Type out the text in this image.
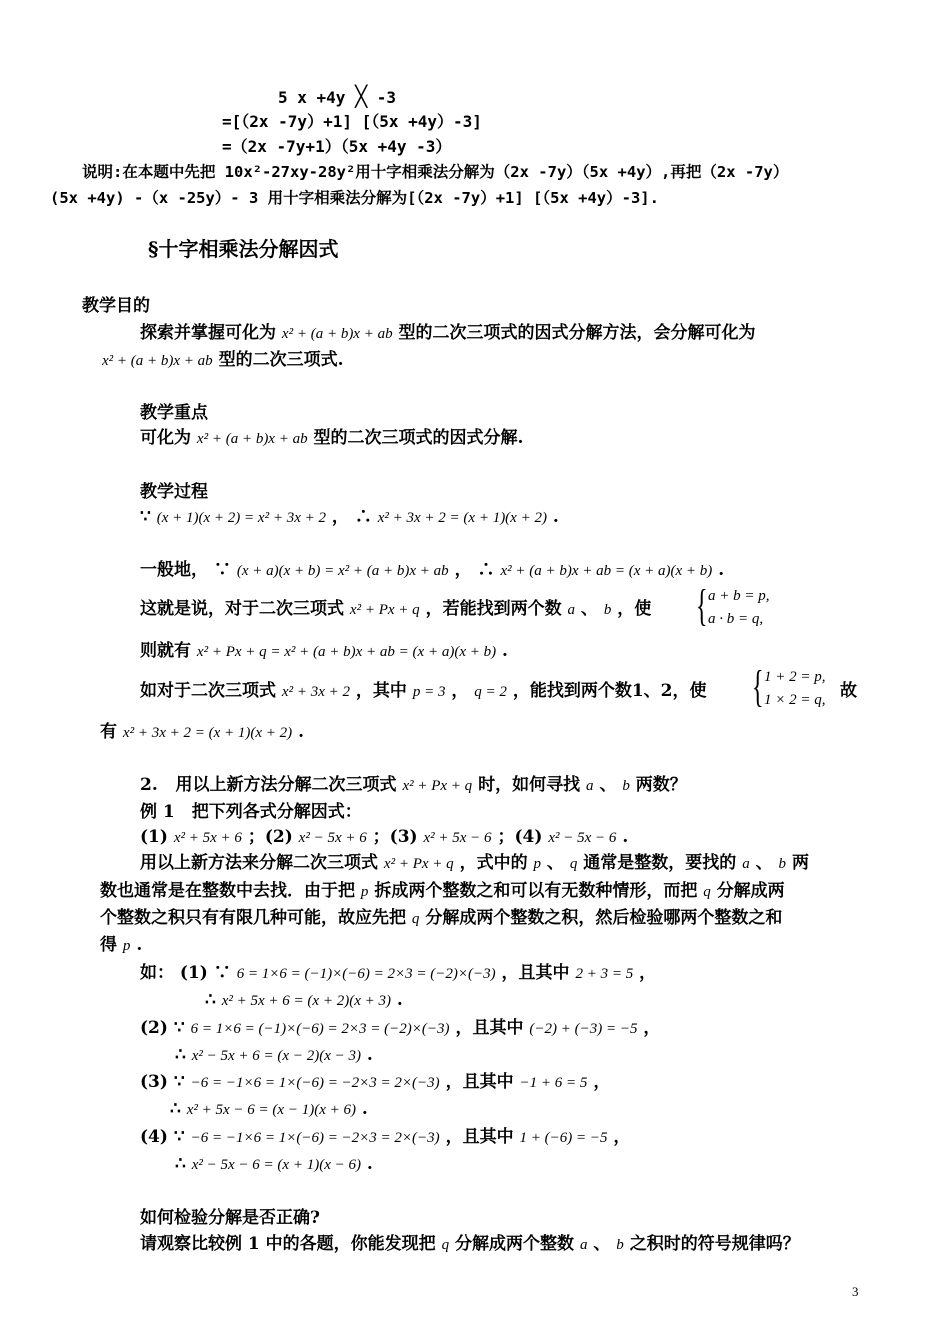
5 x +4y ╳ -3
=[（2x -7y）+1] [（5x +4y）-3]
=（2x -7y+1）（5x +4y -3）
说明:在本题中先把 10x²-27xy-28y²用十字相乘法分解为（2x -7y）（5x +4y）,再把（2x -7y）
(5x +4y) -（x -25y）- 3 用十字相乘法分解为[（2x -7y）+1] [（5x +4y）-3].
§十字相乘法分解因式
教学目的
探索并掌握可化为 x² + (a + b)x + ab 型的二次三项式的因式分解方法，会分解可化为
x² + (a + b)x + ab 型的二次三项式.
教学重点
可化为 x² + (a + b)x + ab 型的二次三项式的因式分解.
教学过程
∵ (x + 1)(x + 2) = x² + 3x + 2 ， ∴ x² + 3x + 2 = (x + 1)(x + 2) .
一般地， ∵ (x + a)(x + b) = x² + (a + b)x + ab ， ∴ x² + (a + b)x + ab = (x + a)(x + b) .
这就是说，对于二次三项式 x² + Px + q ，若能找到两个数 a 、 b ，使 { a + b = p,
a · b = q,
则就有 x² + Px + q = x² + (a + b)x + ab = (x + a)(x + b) .
如对于二次三项式 x² + 3x + 2 ，其中 p = 3 ， q = 2 ，能找到两个数1、2，使 { 1 + 2 = p,
1 × 2 = q, 故
有 x² + 3x + 2 = (x + 1)(x + 2) .
2. 用以上新方法分解二次三项式 x² + Px + q 时，如何寻找 a 、 b 两数？
例 1　把下列各式分解因式：
(1) x² + 5x + 6 ；(2) x² − 5x + 6 ；(3) x² + 5x − 6 ；(4) x² − 5x − 6 .
用以上新方法来分解二次三项式 x² + Px + q ，式中的 p 、 q 通常是整数，要找的 a 、 b 两
数也通常是在整数中去找．由于把 p 拆成两个整数之和可以有无数种情形，而把 q 分解成两
个整数之积只有有限几种可能，故应先把 q 分解成两个整数之积，然后检验哪两个整数之和
得 p .
如： (1) ∵ 6 = 1×6 = (−1)×(−6) = 2×3 = (−2)×(−3) ，且其中 2 + 3 = 5 ，
∴ x² + 5x + 6 = (x + 2)(x + 3) .
(2) ∵ 6 = 1×6 = (−1)×(−6) = 2×3 = (−2)×(−3) ，且其中 (−2) + (−3) = −5 ，
∴ x² − 5x + 6 = (x − 2)(x − 3) .
(3) ∵ −6 = −1×6 = 1×(−6) = −2×3 = 2×(−3) ，且其中 −1 + 6 = 5 ，
∴ x² + 5x − 6 = (x − 1)(x + 6) .
(4) ∵ −6 = −1×6 = 1×(−6) = −2×3 = 2×(−3) ，且其中 1 + (−6) = −5 ，
∴ x² − 5x − 6 = (x + 1)(x − 6) .
如何检验分解是否正确?
请观察比较例 1 中的各题，你能发现把 q 分解成两个整数 a 、 b 之积时的符号规律吗？
3
